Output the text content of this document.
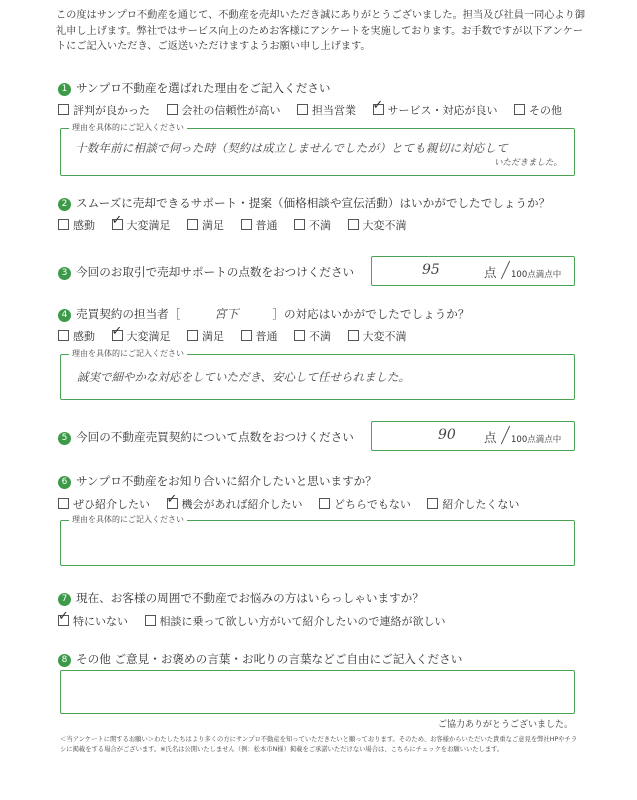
この度はサンプロ不動産を通じて、不動産を売却いただき誠にありがとうございました。担当及び社員一同心より御礼申し上げます。弊社ではサービス向上のためお客様にアンケートを実施しております。お手数ですが以下アンケートにご記入いただき、ご返送いただけますようお願い申し上げます。
1 サンプロ不動産を選ばれた理由をご記入ください
評判が良かった	会社の信頼性が高い	担当営業 ✓ サービス・対応が良い	その他
理由を具体的にご記入ください
十数年前に相談で伺った時（契約は成立しませんでしたが）とても親切に対応して
いただきました。
2 スムーズに売却できるサポート・提案（価格相談や宣伝活動）はいかがでしたでしょうか？
感動 ✓ 大変満足	満足	普通	不満	大変不満
3 今回のお取引で売却サポートの点数をおつけください	95	点 100点満点中
4 売買契約の担当者［	宮下	］の対応はいかがでしたでしょうか？
感動 ✓ 大変満足	満足	普通	不満	大変不満
理由を具体的にご記入ください
誠実で細やかな対応をしていただき、安心して任せられました。
5 今回の不動産売買契約について点数をおつけください	90 点 100点満点中
6 サンプロ不動産をお知り合いに紹介したいと思いますか？
ぜひ紹介したい ✓ 機会があれば紹介したい	どちらでもない	紹介したくない
理由を具体的にご記入ください
7 現在、お客様の周囲で不動産でお悩みの方はいらっしゃいますか？
✓ 特にいない	相談に乗って欲しい方がいて紹介したいので連絡が欲しい
8 その他 ご意見・お褒めの言葉・お叱りの言葉などご自由にご記入ください
ご協力ありがとうございました。
＜当アンケートに関するお願い＞わたしたちはより多くの方にサンプロ不動産を知っていただきたいと願っております。そのため、お客様からいただいた貴重なご意見を弊社HPやチラシに掲載をする場合がございます。※氏名は公開いたしません（例：松本市N様）掲載をご承諾いただけない場合は、こちらにチェックをお願いいたします。
